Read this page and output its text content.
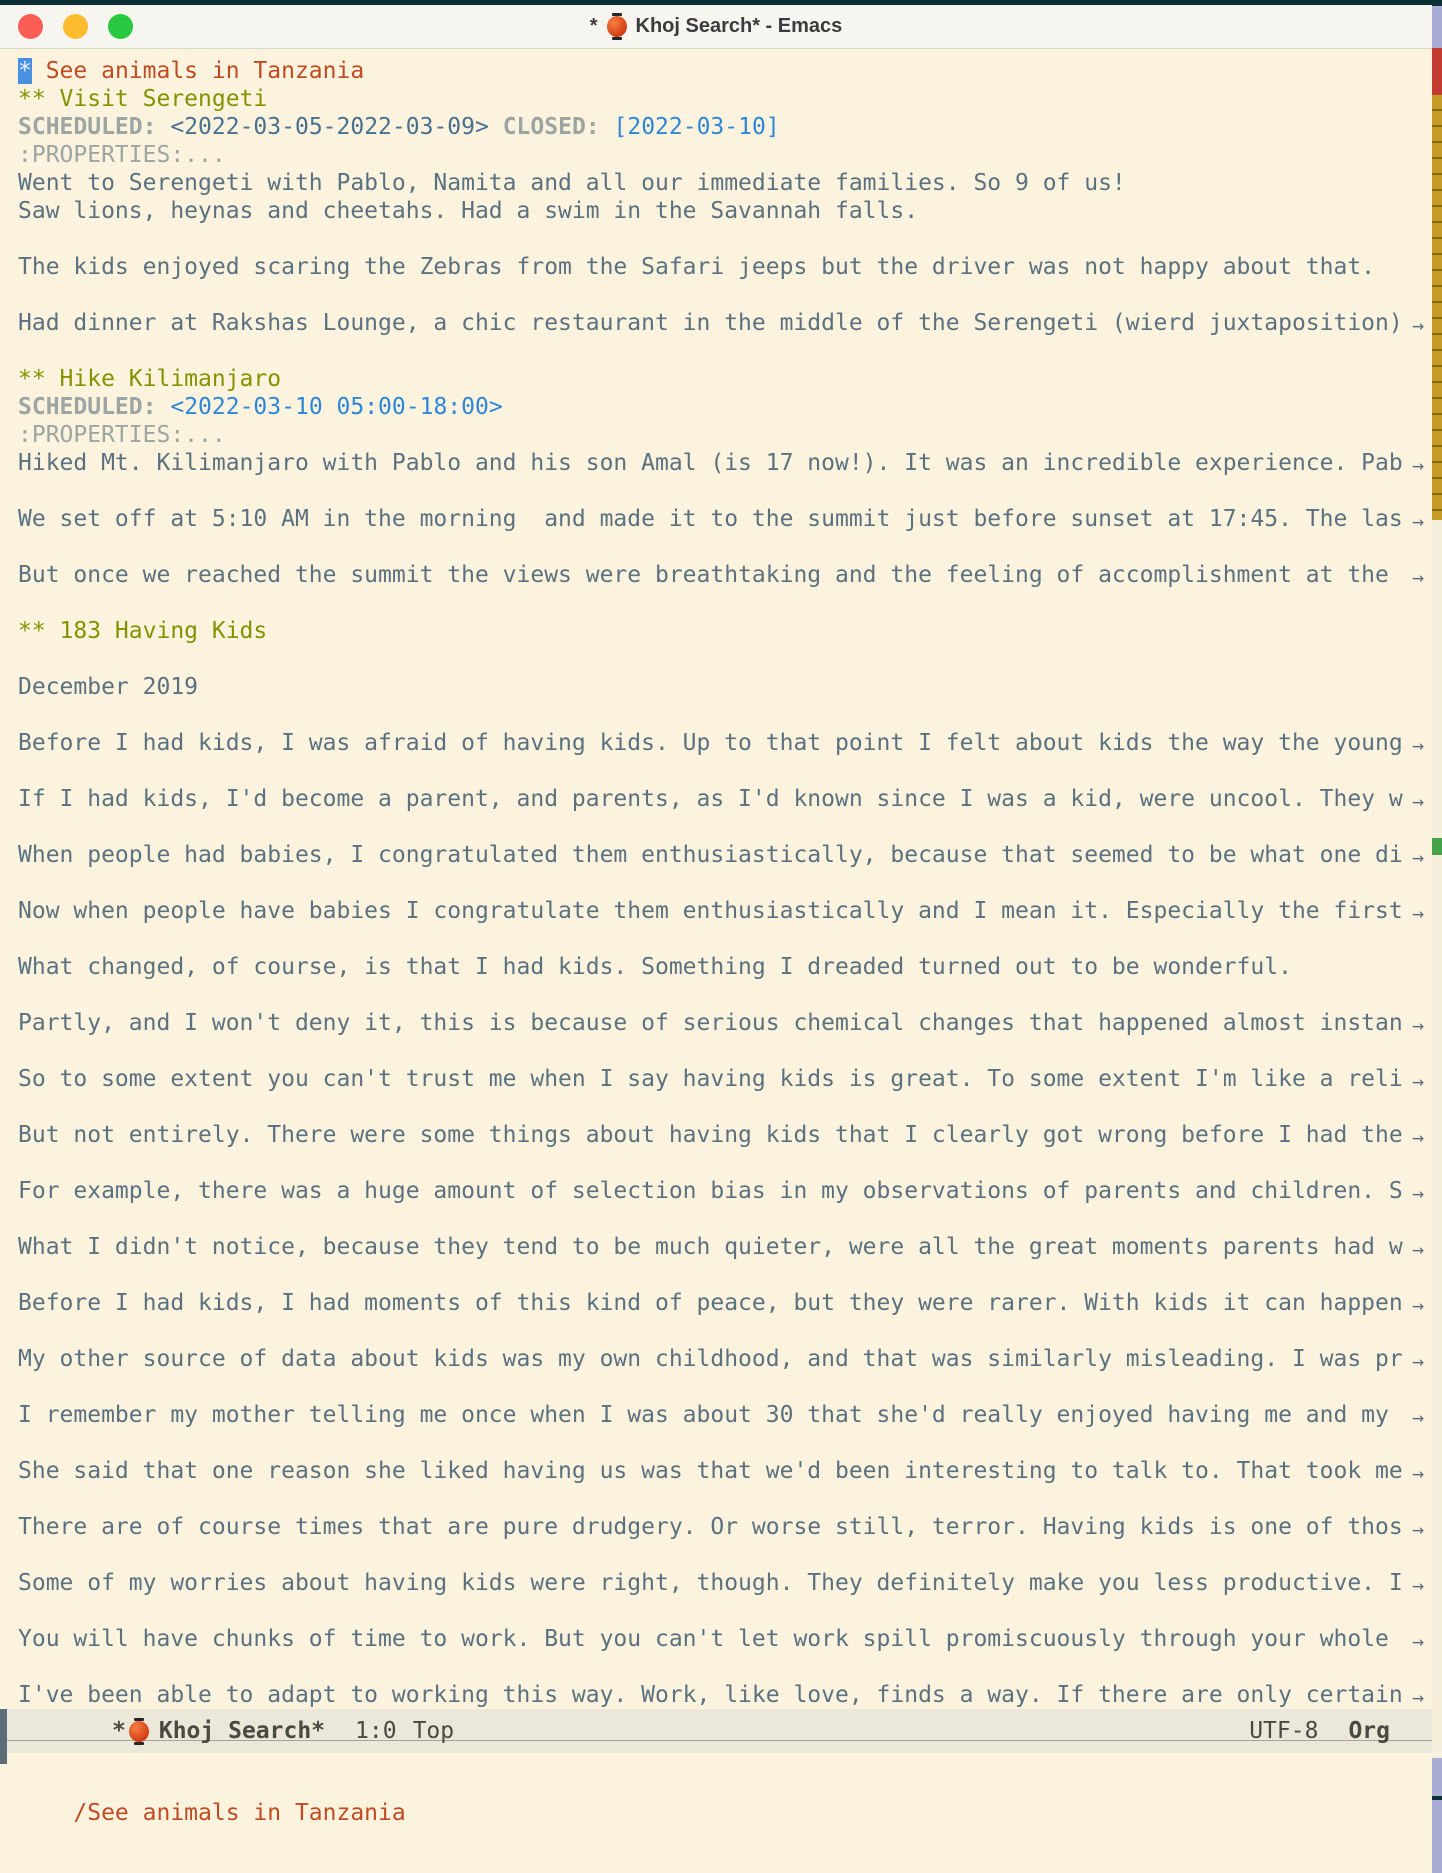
* Khoj Search* - Emacs
* See animals in Tanzania
** Visit Serengeti
SCHEDULED: <2022-03-05-2022-03-09> CLOSED: [2022-03-10]
:PROPERTIES:...
Went to Serengeti with Pablo, Namita and all our immediate families. So 9 of us!
Saw lions, heynas and cheetahs. Had a swim in the Savannah falls.
The kids enjoyed scaring the Zebras from the Safari jeeps but the driver was not happy about that.
Had dinner at Rakshas Lounge, a chic restaurant in the middle of the Serengeti (wierd juxtaposition) →
** Hike Kilimanjaro
SCHEDULED: <2022-03-10 05:00-18:00>
:PROPERTIES:...
Hiked Mt. Kilimanjaro with Pablo and his son Amal (is 17 now!). It was an incredible experience. Pab →
We set off at 5:10 AM in the morning  and made it to the summit just before sunset at 17:45. The las →
But once we reached the summit the views were breathtaking and the feeling of accomplishment at the →
** 183 Having Kids
December 2019
Before I had kids, I was afraid of having kids. Up to that point I felt about kids the way the young →
If I had kids, I'd become a parent, and parents, as I'd known since I was a kid, were uncool. They w →
When people had babies, I congratulated them enthusiastically, because that seemed to be what one di →
Now when people have babies I congratulate them enthusiastically and I mean it. Especially the first →
What changed, of course, is that I had kids. Something I dreaded turned out to be wonderful.
Partly, and I won't deny it, this is because of serious chemical changes that happened almost instan →
So to some extent you can't trust me when I say having kids is great. To some extent I'm like a reli →
But not entirely. There were some things about having kids that I clearly got wrong before I had the →
For example, there was a huge amount of selection bias in my observations of parents and children. S →
What I didn't notice, because they tend to be much quieter, were all the great moments parents had w →
Before I had kids, I had moments of this kind of peace, but they were rarer. With kids it can happen →
My other source of data about kids was my own childhood, and that was similarly misleading. I was pr →
I remember my mother telling me once when I was about 30 that she'd really enjoyed having me and my →
She said that one reason she liked having us was that we'd been interesting to talk to. That took me →
There are of course times that are pure drudgery. Or worse still, terror. Having kids is one of thos →
Some of my worries about having kids were right, though. They definitely make you less productive. I →
You will have chunks of time to work. But you can't let work spill promiscuously through your whole →
I've been able to adapt to working this way. Work, like love, finds a way. If there are only certain →
* Khoj Search* 1:0 Top	UTF-8 Org

/See animals in Tanzania
